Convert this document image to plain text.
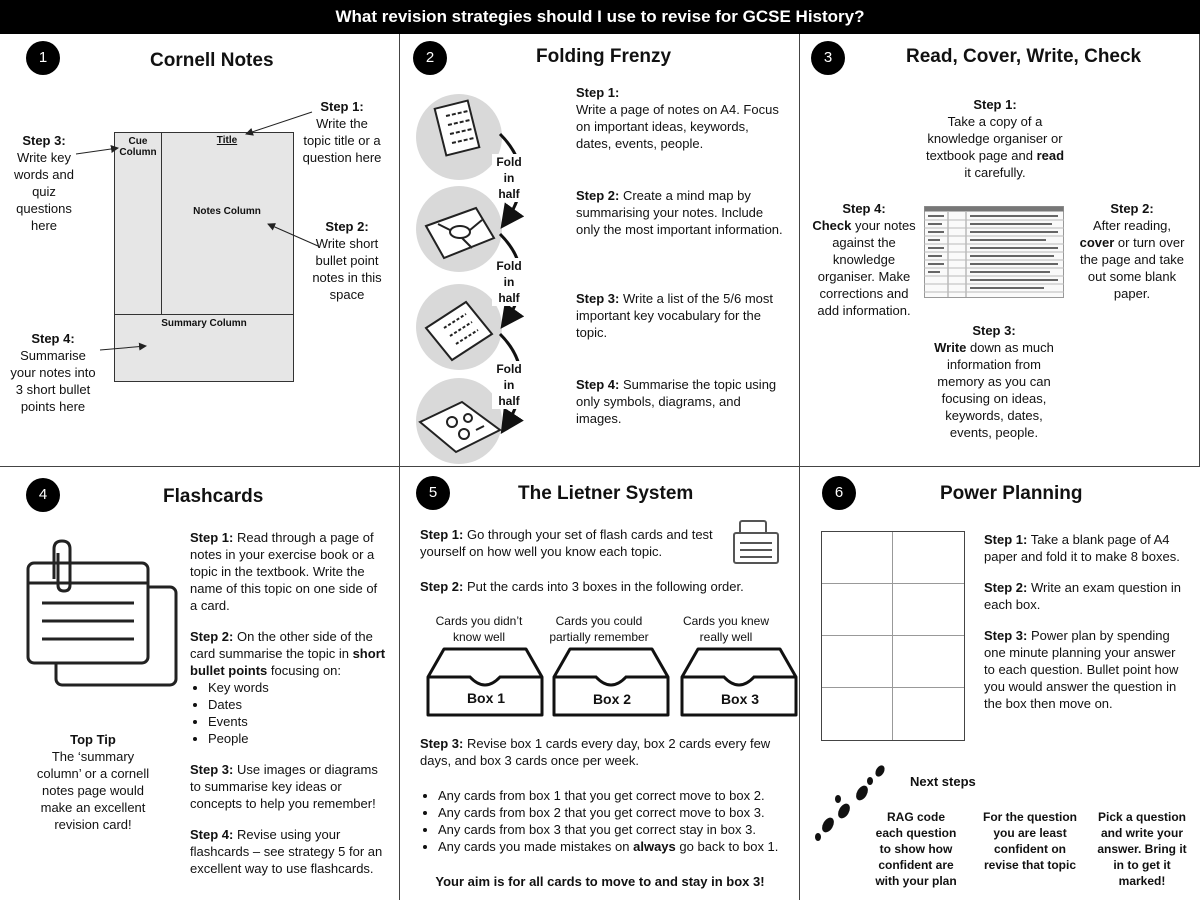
What revision strategies should I use to revise for GCSE History?
1	Cornell Notes
Cue Column
Title
Notes Column
Summary Column
Step 1:

Write the topic title or a question here

Step 2:

Write short bullet point notes in this space

Step 3:

Write key words and quiz questions here

Step 4:

Summarise your notes into 3 short bullet points here

2	Folding Frenzy
Fold in half
Fold in half
Fold in half
Step 1:

Write a page of notes on A4. Focus on important ideas, keywords, dates, events, people.

Step 2: Create a mind map by summarising your notes. Include only the most important information.
Step 3: Write a list of the 5/6 most important key vocabulary for the topic.
Step 4: Summarise the topic using only symbols, diagrams, and images.
3	Read, Cover, Write, Check
Step 1:

Take a copy of a knowledge organiser or textbook page and read it carefully.

Step 2:

After reading, cover or turn over the page and take out some blank paper.

Step 3:

Write down as much information from memory as you can focusing on ideas, keywords, dates, events, people.

Step 4:

Check your notes against the knowledge organiser. Make corrections and add information.

4	Flashcards
Top Tip

The ‘summary column’ or a cornell notes page would make an excellent revision card!

Step 1: Read through a page of notes in your exercise book or a topic in the textbook. Write the name of this topic on one side of a card.
Step 2: On the other side of the card summarise the topic in short bullet points focusing on:
• Key words
• Dates
• Events
• People
Step 3: Use images or diagrams to summarise key ideas or concepts to help you remember!
Step 4: Revise using your flashcards – see strategy 5 for an excellent way to use flashcards.
5	The Lietner System
Step 1: Go through your set of flash cards and test yourself on how well you know each topic.
Step 2: Put the cards into 3 boxes in the following order.
Cards you didn’t know well
Cards you could partially remember
Cards you knew really well
Box 1	Box 2	Box 3
Step 3: Revise box 1 cards every day, box 2 cards every few days, and box 3 cards once per week.
• Any cards from box 1 that you get correct move to box 2.
• Any cards from box 2 that you get correct move to box 3.
• Any cards from box 3 that you get correct stay in box 3.
• Any cards you made mistakes on always go back to box 1.
Your aim is for all cards to move to and stay in box 3!
6	Power Planning
Step 1: Take a blank page of A4 paper and fold it to make 8 boxes.
Step 2: Write an exam question in each box.
Step 3: Power plan by spending one minute planning your answer to each question. Bullet point how you would answer the question in the box then move on.
Next steps
RAG code each question to show how confident are with your plan
For the question you are least confident on revise that topic
Pick a question and write your answer. Bring it in to get it marked!
